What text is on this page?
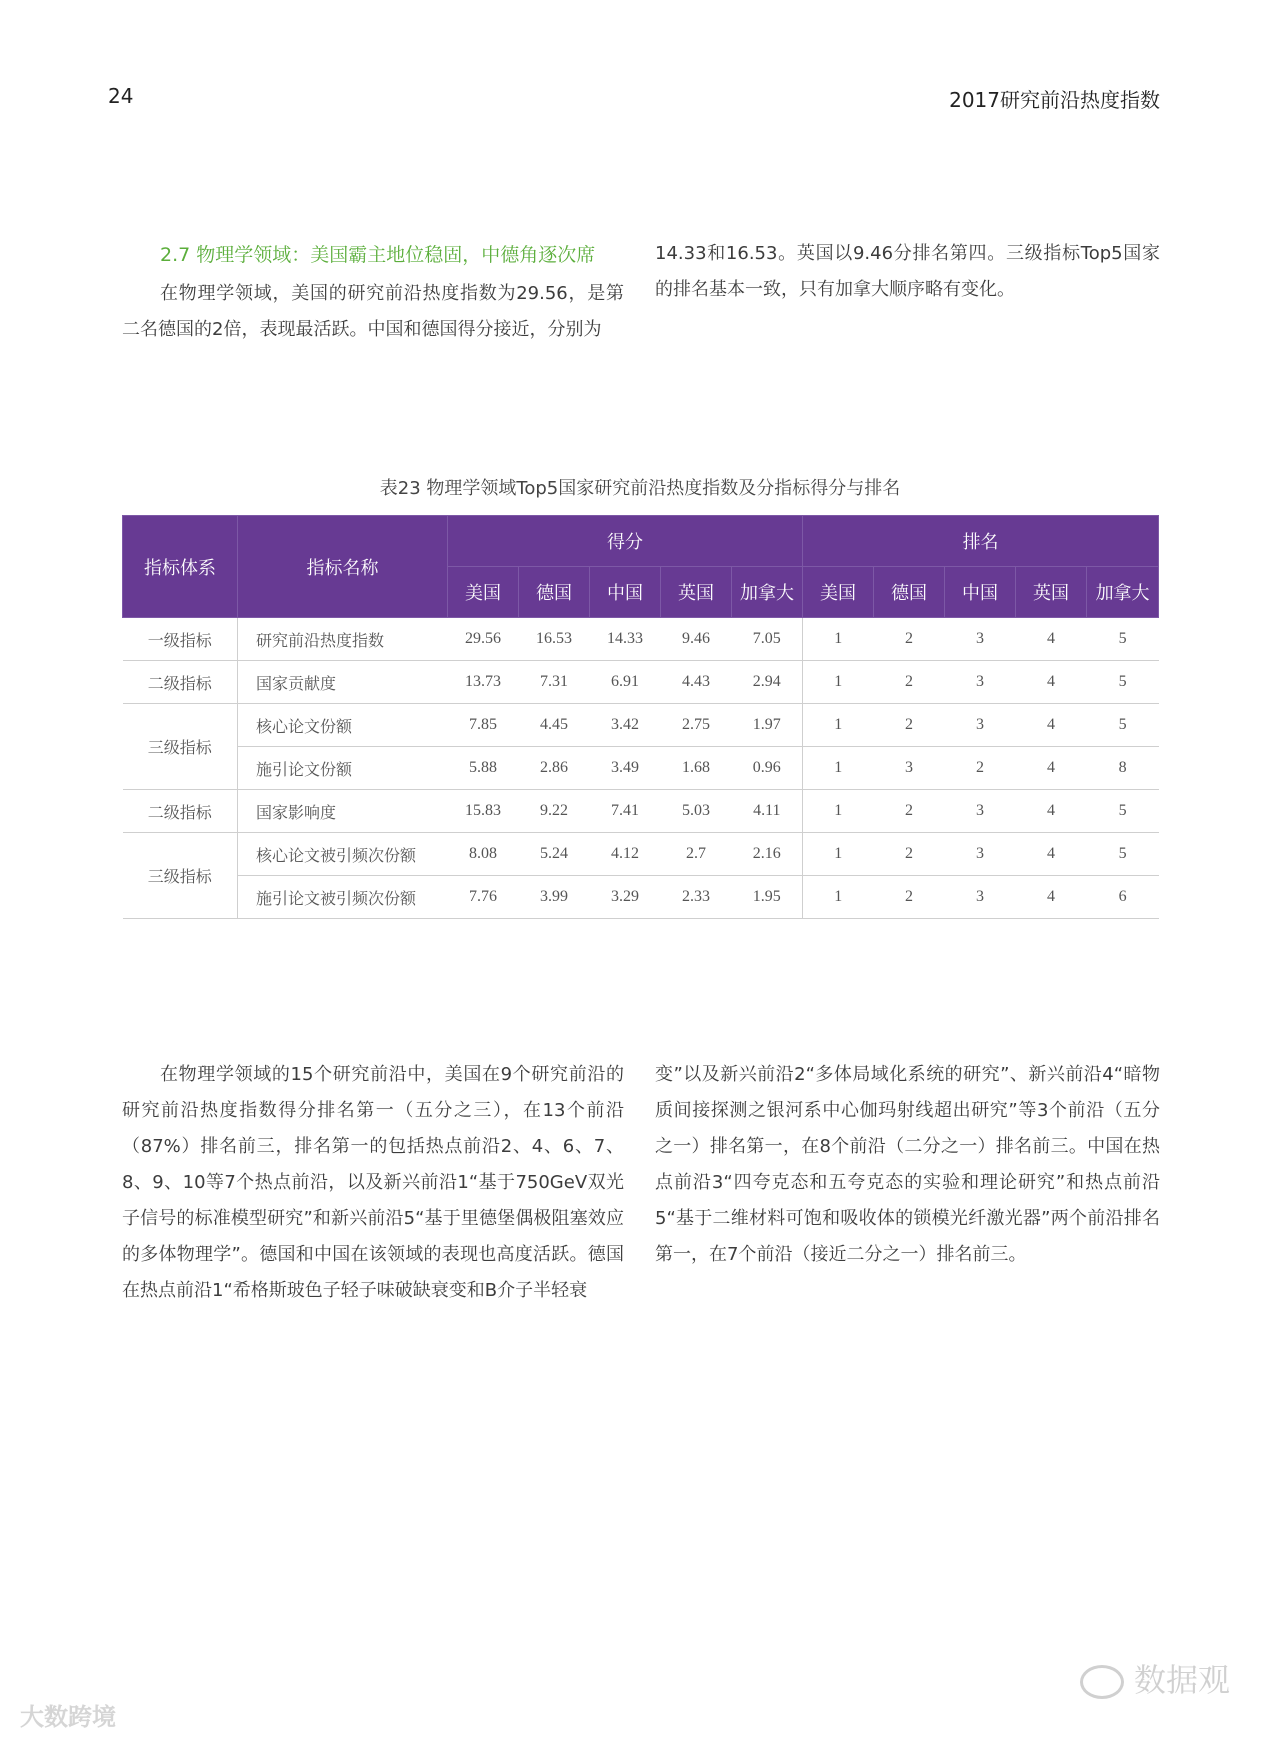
24	2017研究前沿热度指数
2.7 物理学领域：美国霸主地位稳固，中德角逐次席
在物理学领域，美国的研究前沿热度指数为29.56，是第二名德国的2倍，表现最活跃。中国和德国得分接近，分别为
14.33和16.53。英国以9.46分排名第四。三级指标Top5国家的排名基本一致，只有加拿大顺序略有变化。
表23 物理学领域Top5国家研究前沿热度指数及分指标得分与排名
指标体系	指标名称	得分					排名				
		美国	德国	中国	英国	加拿大	美国	德国	中国	英国	加拿大
一级指标	研究前沿热度指数	29.56	16.53	14.33	9.46	7.05	1	2	3	4	5
二级指标	国家贡献度	13.73	7.31	6.91	4.43	2.94	1	2	3	4	5
三级指标	核心论文份额	7.85	4.45	3.42	2.75	1.97	1	2	3	4	5
	施引论文份额	5.88	2.86	3.49	1.68	0.96	1	3	2	4	8
二级指标	国家影响度	15.83	9.22	7.41	5.03	4.11	1	2	3	4	5
三级指标	核心论文被引频次份额	8.08	5.24	4.12	2.7	2.16	1	2	3	4	5
	施引论文被引频次份额	7.76	3.99	3.29	2.33	1.95	1	2	3	4	6
在物理学领域的15个研究前沿中，美国在9个研究前沿的研究前沿热度指数得分排名第一（五分之三），在13个前沿（87%）排名前三，排名第一的包括热点前沿2、4、6、7、8、9、10等7个热点前沿，以及新兴前沿1“基于750GeV双光子信号的标准模型研究”和新兴前沿5“基于里德堡偶极阻塞效应的多体物理学”。德国和中国在该领域的表现也高度活跃。德国在热点前沿1“希格斯玻色子轻子味破缺衰变和B介子半轻衰
变”以及新兴前沿2“多体局域化系统的研究”、新兴前沿4“暗物质间接探测之银河系中心伽玛射线超出研究”等3个前沿（五分之一）排名第一，在8个前沿（二分之一）排名前三。中国在热点前沿3“四夸克态和五夸克态的实验和理论研究”和热点前沿5“基于二维材料可饱和吸收体的锁模光纤激光器”两个前沿排名第一，在7个前沿（接近二分之一）排名前三。
大数跨境
数据观
